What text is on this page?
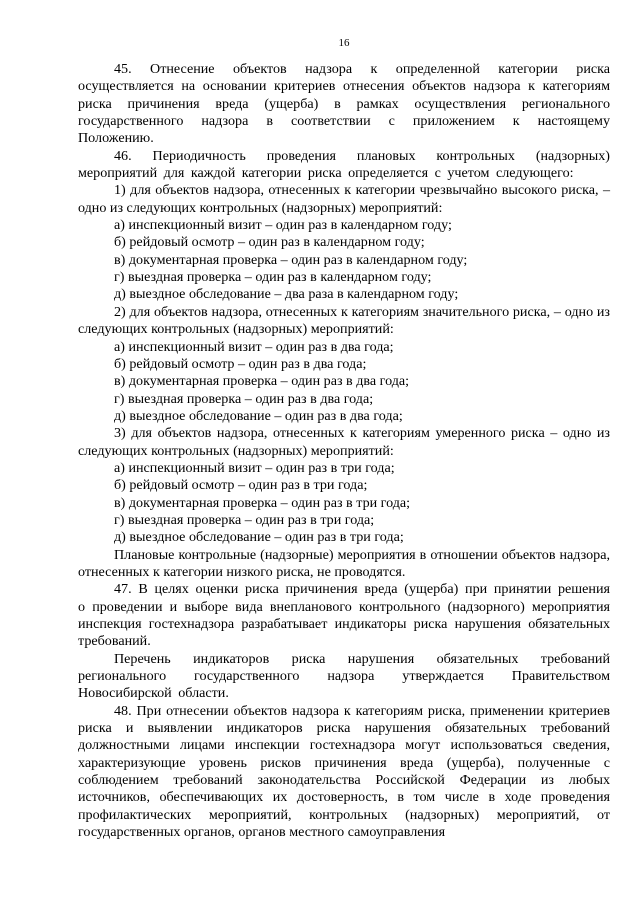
16

45. Отнесение объектов надзора к определенной категории риска осуществляется на основании критериев отнесения объектов надзора к категориям риска причинения вреда (ущерба) в рамках осуществления регионального государственного надзора в соответствии с приложением к настоящему Положению.

46. Периодичность проведения плановых контрольных (надзорных) мероприятий для каждой категории риска определяется с учетом следующего:

1) для объектов надзора, отнесенных к категории чрезвычайно высокого риска, – одно из следующих контрольных (надзорных) мероприятий:

а) инспекционный визит – один раз в календарном году;

б) рейдовый осмотр – один раз в календарном году;

в) документарная проверка – один раз в календарном году;

г) выездная проверка – один раз в календарном году;

д) выездное обследование – два раза в календарном году;

2) для объектов надзора, отнесенных к категориям значительного риска, – одно из следующих контрольных (надзорных) мероприятий:

а) инспекционный визит – один раз в два года;

б) рейдовый осмотр – один раз в два года;

в) документарная проверка – один раз в два года;

г) выездная проверка – один раз в два года;

д) выездное обследование – один раз в два года;

3) для объектов надзора, отнесенных к категориям умеренного риска – одно из следующих контрольных (надзорных) мероприятий:

а) инспекционный визит – один раз в три года;

б) рейдовый осмотр – один раз в три года;

в) документарная проверка – один раз в три года;

г) выездная проверка – один раз в три года;

д) выездное обследование – один раз в три года;

Плановые контрольные (надзорные) мероприятия в отношении объектов надзора, отнесенных к категории низкого риска, не проводятся.

47. В целях оценки риска причинения вреда (ущерба) при принятии решения о проведении и выборе вида внепланового контрольного (надзорного) мероприятия инспекция гостехнадзора разрабатывает индикаторы риска нарушения обязательных требований.

Перечень индикаторов риска нарушения обязательных требований регионального государственного надзора утверждается Правительством Новосибирской области.

48. При отнесении объектов надзора к категориям риска, применении критериев риска и выявлении индикаторов риска нарушения обязательных требований должностными лицами инспекции гостехнадзора могут использоваться сведения, характеризующие уровень рисков причинения вреда (ущерба), полученные с соблюдением требований законодательства Российской Федерации из любых источников, обеспечивающих их достоверность, в том числе в ходе проведения профилактических мероприятий, контрольных (надзорных) мероприятий, от государственных органов, органов местного самоуправления
